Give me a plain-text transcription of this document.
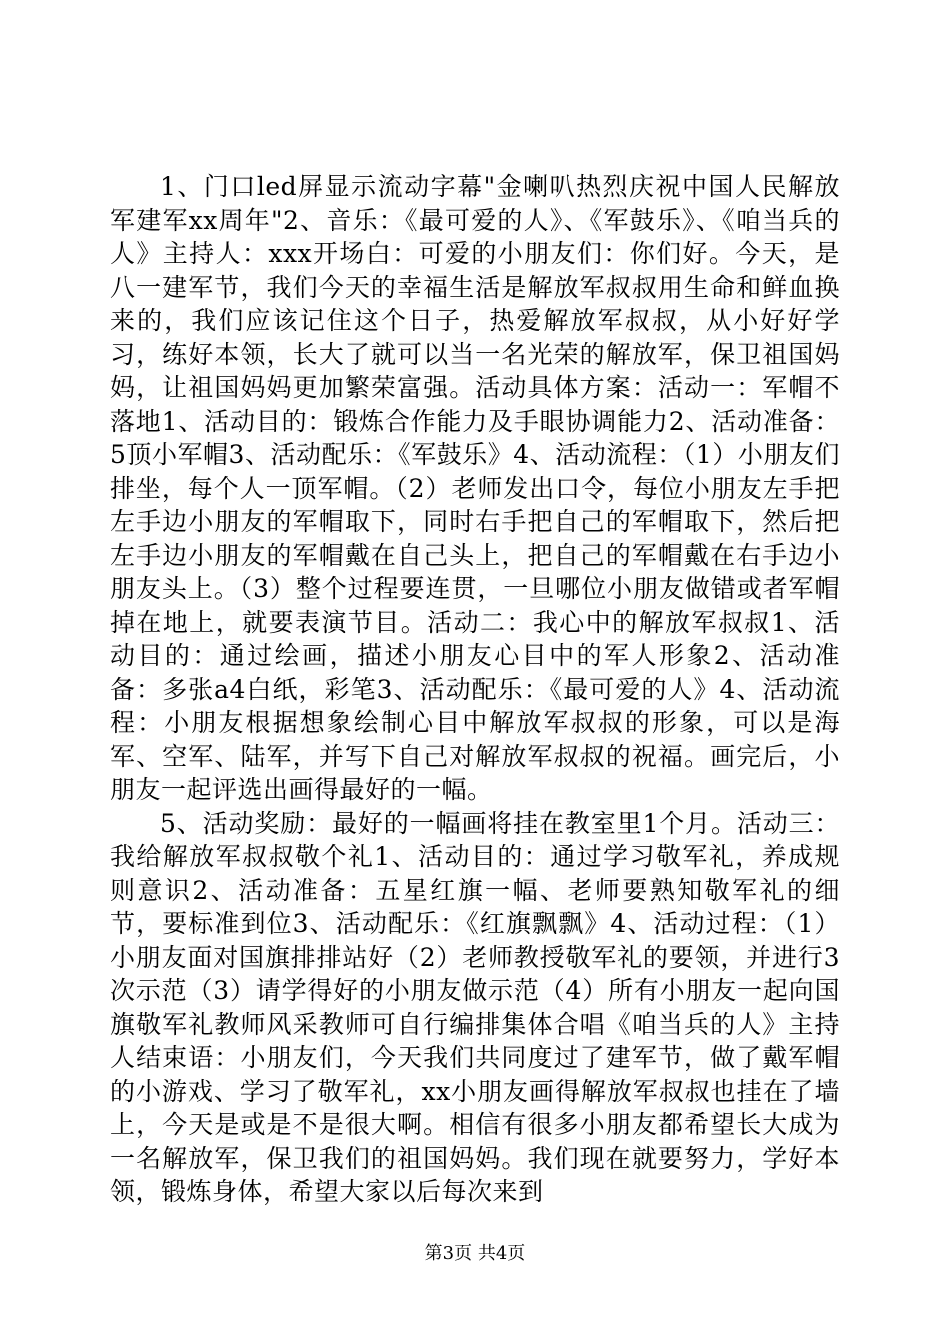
1、门口led屏显示流动字幕"金喇叭热烈庆祝中国人民解放军建军xx周年"2、音乐：《最可爱的人》、《军鼓乐》、《咱当兵的人》主持人：xxx开场白：可爱的小朋友们：你们好。今天，是八一建军节，我们今天的幸福生活是解放军叔叔用生命和鲜血换来的，我们应该记住这个日子，热爱解放军叔叔，从小好好学习，练好本领，长大了就可以当一名光荣的解放军，保卫祖国妈妈，让祖国妈妈更加繁荣富强。活动具体方案：活动一：军帽不落地1、活动目的：锻炼合作能力及手眼协调能力2、活动准备：5顶小军帽3、活动配乐：《军鼓乐》4、活动流程：（1）小朋友们排坐，每个人一顶军帽。（2）老师发出口令，每位小朋友左手把左手边小朋友的军帽取下，同时右手把自己的军帽取下，然后把左手边小朋友的军帽戴在自己头上，把自己的军帽戴在右手边小朋友头上。（3）整个过程要连贯，一旦哪位小朋友做错或者军帽掉在地上，就要表演节目。活动二：我心中的解放军叔叔1、活动目的：通过绘画，描述小朋友心目中的军人形象2、活动准备：多张a4白纸，彩笔3、活动配乐：《最可爱的人》4、活动流程：小朋友根据想象绘制心目中解放军叔叔的形象，可以是海军、空军、陆军，并写下自己对解放军叔叔的祝福。画完后，小朋友一起评选出画得最好的一幅。

5、活动奖励：最好的一幅画将挂在教室里1个月。活动三：我给解放军叔叔敬个礼1、活动目的：通过学习敬军礼，养成规则意识2、活动准备：五星红旗一幅、老师要熟知敬军礼的细节，要标准到位3、活动配乐：《红旗飘飘》4、活动过程：（1）小朋友面对国旗排排站好（2）老师教授敬军礼的要领，并进行3次示范（3）请学得好的小朋友做示范（4）所有小朋友一起向国旗敬军礼教师风采教师可自行编排集体合唱《咱当兵的人》主持人结束语：小朋友们，今天我们共同度过了建军节，做了戴军帽的小游戏、学习了敬军礼，xx小朋友画得解放军叔叔也挂在了墙上，今天是或是不是很大啊。相信有很多小朋友都希望长大成为一名解放军，保卫我们的祖国妈妈。我们现在就要努力，学好本领，锻炼身体，希望大家以后每次来到

第3页 共4页
